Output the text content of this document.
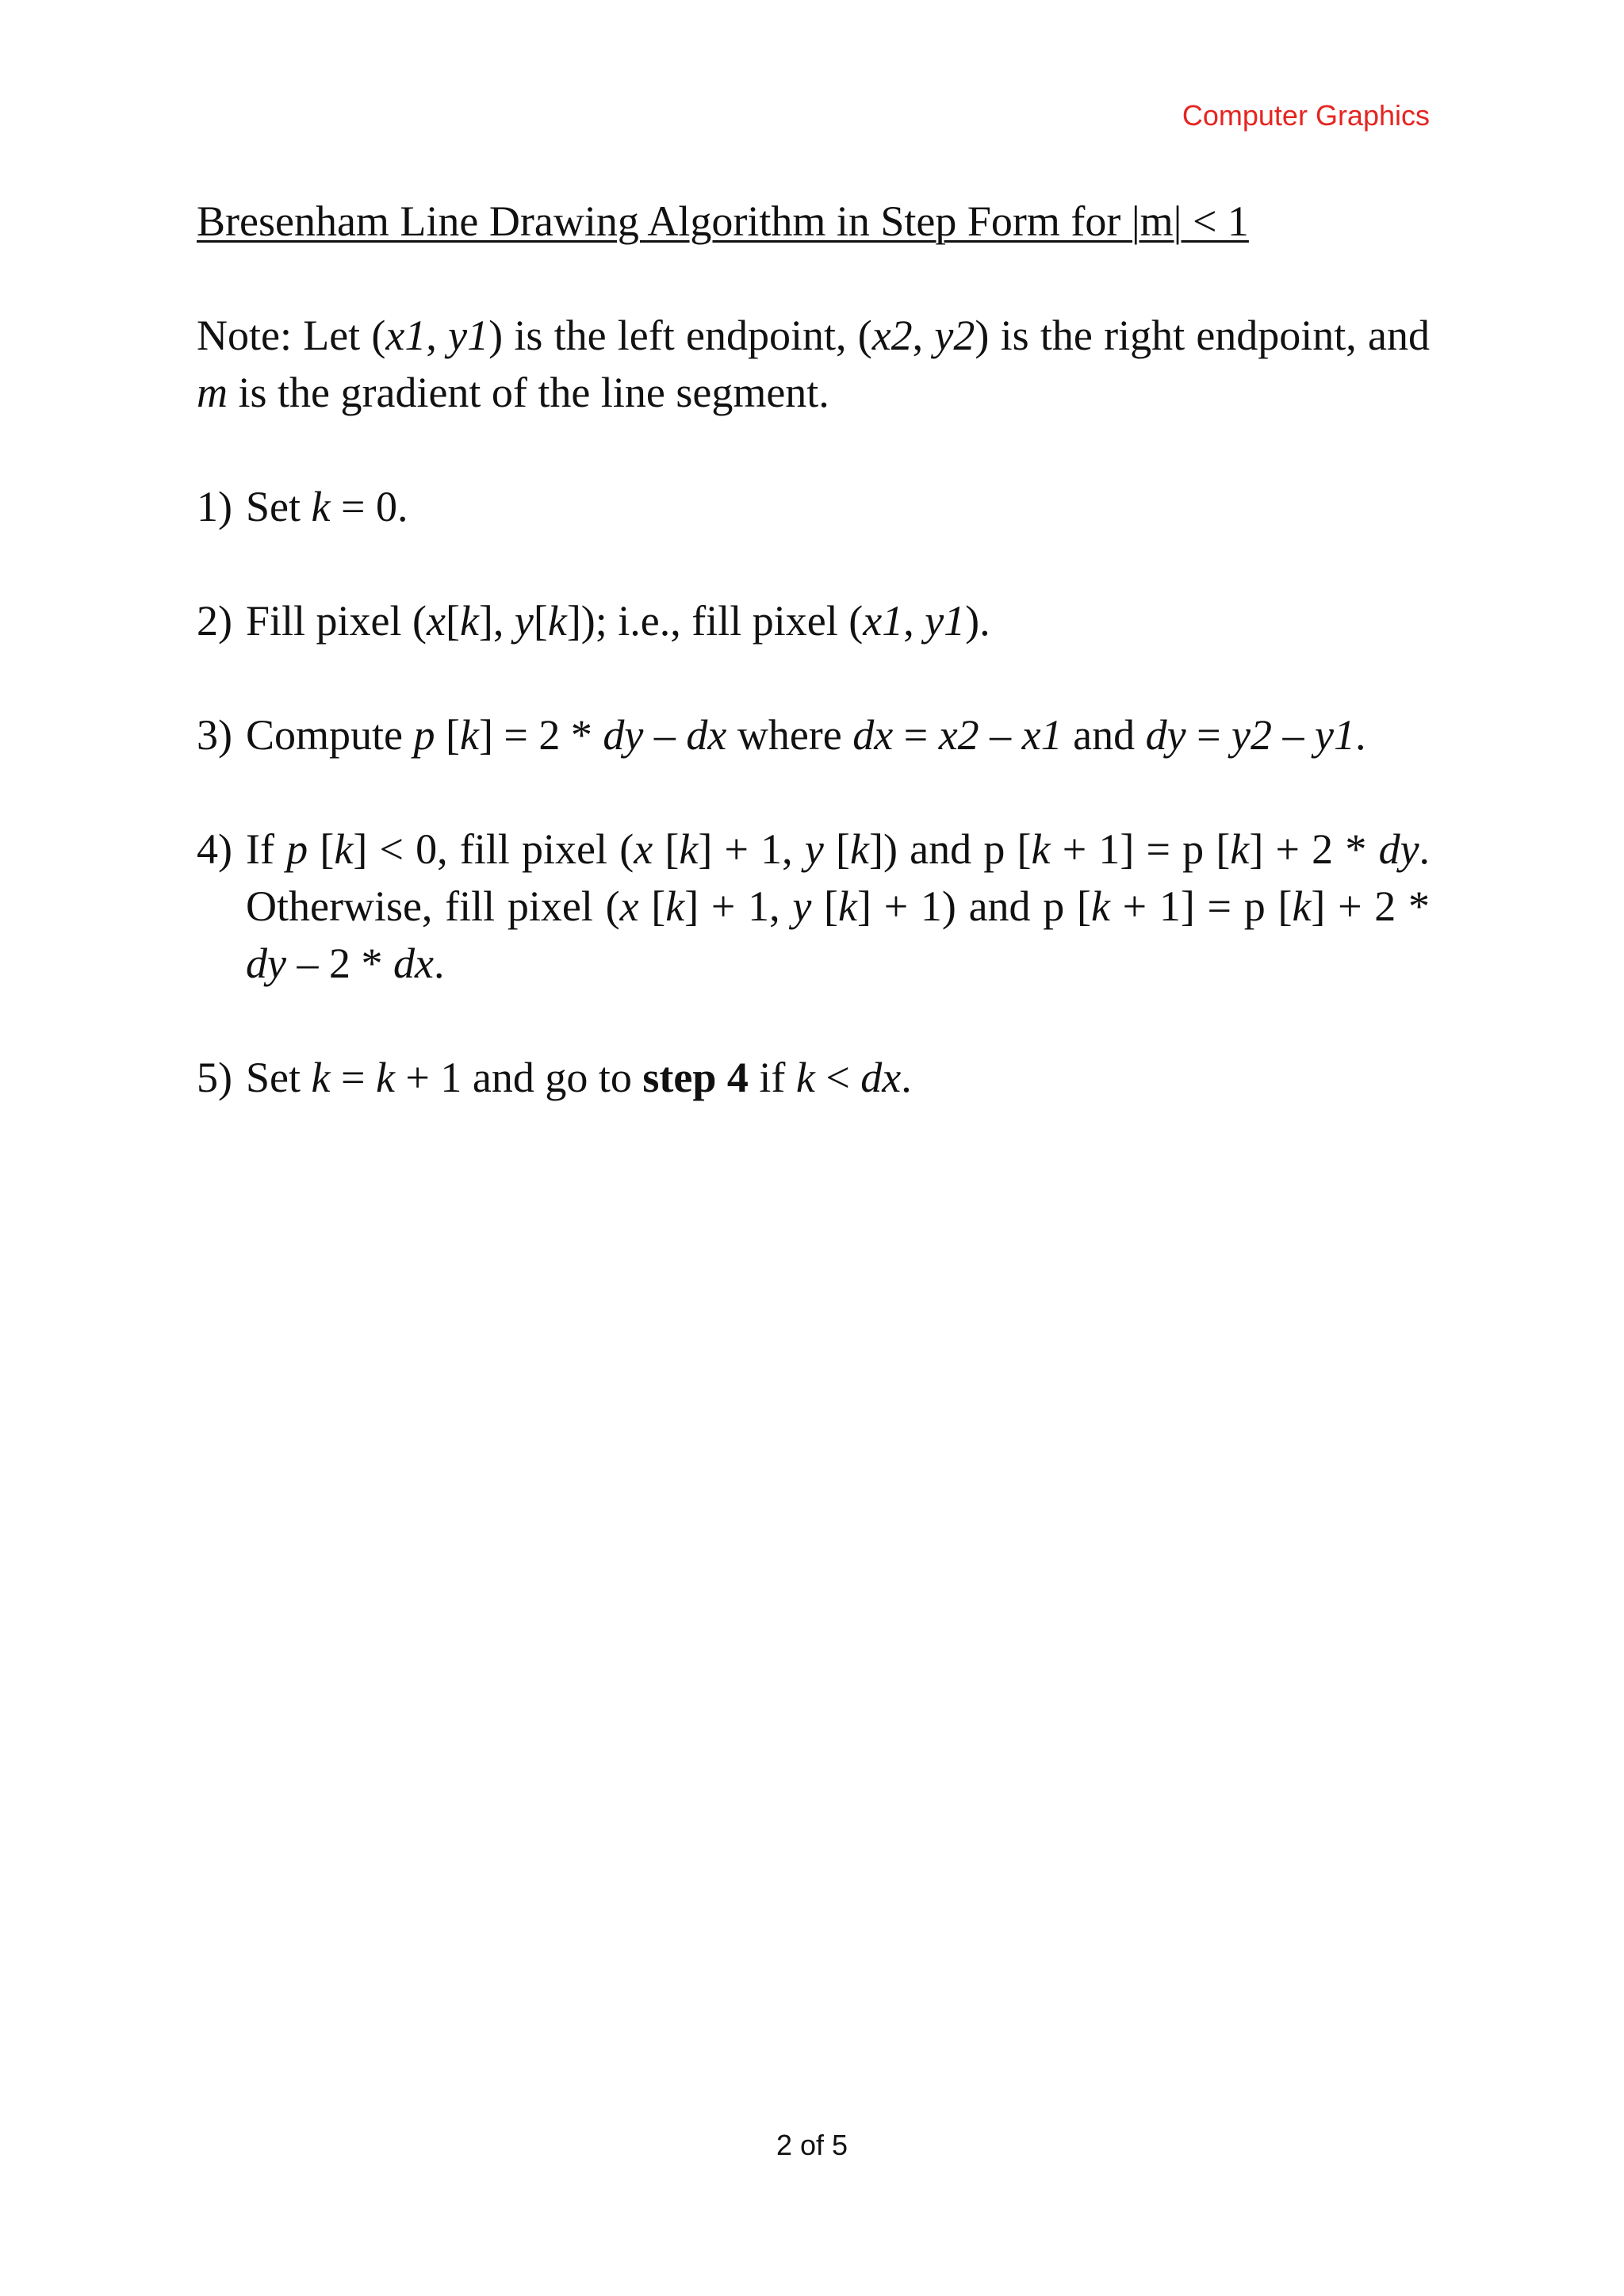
Computer Graphics
Bresenham Line Drawing Algorithm in Step Form for |m| < 1

Note: Let (x1, y1) is the left endpoint, (x2, y2) is the right endpoint, and m is the gradient of the line segment.

1) Set k = 0.
2) Fill pixel (x[k], y[k]); i.e., fill pixel (x1, y1).
3) Compute p [k] = 2 * dy – dx where dx = x2 – x1 and dy = y2 – y1.
4) If p [k] < 0, fill pixel (x [k] + 1, y [k]) and p [k + 1] = p [k] + 2 * dy. Otherwise, fill pixel (x [k] + 1, y [k] + 1) and p [k + 1] = p [k] + 2 * dy – 2 * dx.
5) Set k = k + 1 and go to step 4 if k < dx.
2 of 5
